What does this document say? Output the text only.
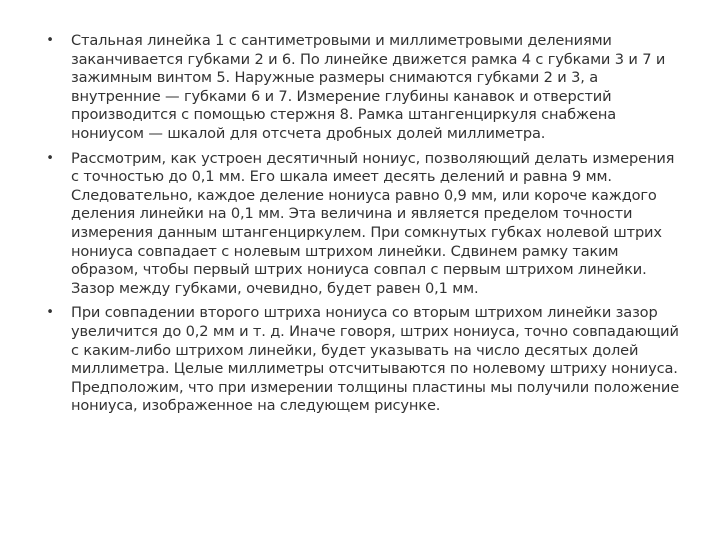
• Стальная линейка 1 с сантиметровыми и миллиметровыми делениями заканчивается губками 2 и 6. По линейке движется рамка 4 с губками 3 и 7 и зажимным винтом 5. Наружные размеры снимаются губками 2 и 3, а внутренние — губками 6 и 7. Измерение глубины канавок и отверстий производится с помощью стержня 8. Рамка штангенциркуля снабжена нониусом — шкалой для отсчета дробных долей миллиметра.
• Рассмотрим, как устроен десятичный нониус, позволяющий делать измерения с точностью до 0,1 мм. Его шкала имеет десять делений и равна 9 мм. Следовательно, каждое деление нониуса равно 0,9 мм, или короче каждого деления линейки на 0,1 мм. Эта величина и является пределом точности измерения данным штангенциркулем. При сомкнутых губках нолевой штрих нониуса совпадает с нолевым штрихом линейки. Сдвинем рамку таким образом, чтобы первый штрих нониуса совпал с первым штрихом линейки. Зазор между губками, очевидно, будет равен 0,1 мм.
• При совпадении второго штриха нониуса со вторым штрихом линейки зазор увеличится до 0,2 мм и т. д. Иначе говоря, штрих нониуса, точно совпадающий с каким-либо штрихом линейки, будет указывать на число десятых долей миллиметра. Целые миллиметры отсчитываются по нолевому штриху нониуса. Предположим, что при измерении толщины пластины мы получили положение нониуса, изображенное на следующем рисунке.
